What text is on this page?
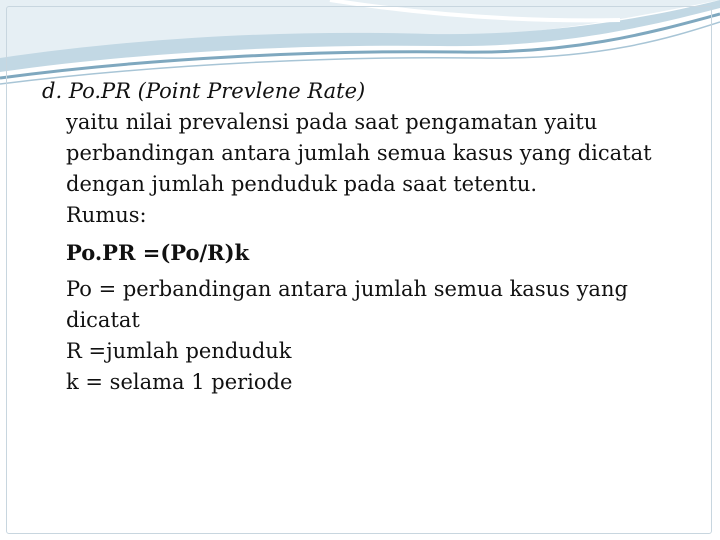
d. Po.PR (Point Prevlene Rate)
yaitu nilai prevalensi pada saat pengamatan yaitu
perbandingan antara jumlah semua kasus yang dicatat
dengan jumlah penduduk pada saat tetentu.
Rumus:
Po.PR =(Po/R)k
Po = perbandingan antara jumlah semua kasus yang
dicatat
R =jumlah penduduk
k = selama 1 periode
